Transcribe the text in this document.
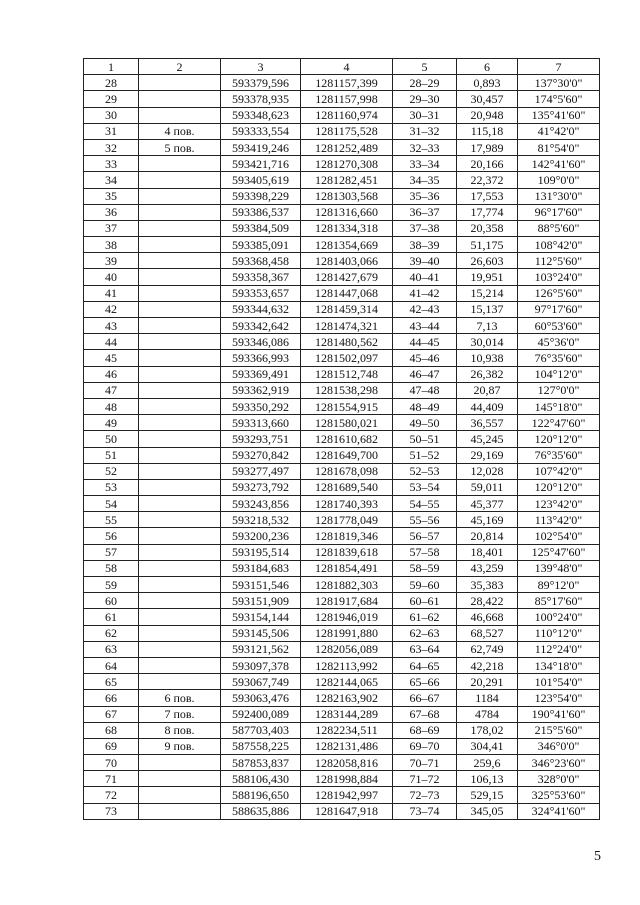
1	2	3	4	5	6	7
28		593379,596	1281157,399	28–29	0,893	137°30'0"
29		593378,935	1281157,998	29–30	30,457	174°5'60"
30		593348,623	1281160,974	30–31	20,948	135°41'60"
31	4 пов.	593333,554	1281175,528	31–32	115,18	41°42'0"
32	5 пов.	593419,246	1281252,489	32–33	17,989	81°54'0"
33		593421,716	1281270,308	33–34	20,166	142°41'60"
34		593405,619	1281282,451	34–35	22,372	109°0'0"
35		593398,229	1281303,568	35–36	17,553	131°30'0"
36		593386,537	1281316,660	36–37	17,774	96°17'60"
37		593384,509	1281334,318	37–38	20,358	88°5'60"
38		593385,091	1281354,669	38–39	51,175	108°42'0"
39		593368,458	1281403,066	39–40	26,603	112°5'60"
40		593358,367	1281427,679	40–41	19,951	103°24'0"
41		593353,657	1281447,068	41–42	15,214	126°5'60"
42		593344,632	1281459,314	42–43	15,137	97°17'60"
43		593342,642	1281474,321	43–44	7,13	60°53'60"
44		593346,086	1281480,562	44–45	30,014	45°36'0"
45		593366,993	1281502,097	45–46	10,938	76°35'60"
46		593369,491	1281512,748	46–47	26,382	104°12'0"
47		593362,919	1281538,298	47–48	20,87	127°0'0"
48		593350,292	1281554,915	48–49	44,409	145°18'0"
49		593313,660	1281580,021	49–50	36,557	122°47'60"
50		593293,751	1281610,682	50–51	45,245	120°12'0"
51		593270,842	1281649,700	51–52	29,169	76°35'60"
52		593277,497	1281678,098	52–53	12,028	107°42'0"
53		593273,792	1281689,540	53–54	59,011	120°12'0"
54		593243,856	1281740,393	54–55	45,377	123°42'0"
55		593218,532	1281778,049	55–56	45,169	113°42'0"
56		593200,236	1281819,346	56–57	20,814	102°54'0"
57		593195,514	1281839,618	57–58	18,401	125°47'60"
58		593184,683	1281854,491	58–59	43,259	139°48'0"
59		593151,546	1281882,303	59–60	35,383	89°12'0"
60		593151,909	1281917,684	60–61	28,422	85°17'60"
61		593154,144	1281946,019	61–62	46,668	100°24'0"
62		593145,506	1281991,880	62–63	68,527	110°12'0"
63		593121,562	1282056,089	63–64	62,749	112°24'0"
64		593097,378	1282113,992	64–65	42,218	134°18'0"
65		593067,749	1282144,065	65–66	20,291	101°54'0"
66	6 пов.	593063,476	1282163,902	66–67	1184	123°54'0"
67	7 пов.	592400,089	1283144,289	67–68	4784	190°41'60"
68	8 пов.	587703,403	1282234,511	68–69	178,02	215°5'60"
69	9 пов.	587558,225	1282131,486	69–70	304,41	346°0'0"
70		587853,837	1282058,816	70–71	259,6	346°23'60"
71		588106,430	1281998,884	71–72	106,13	328°0'0"
72		588196,650	1281942,997	72–73	529,15	325°53'60"
73		588635,886	1281647,918	73–74	345,05	324°41'60"
5
